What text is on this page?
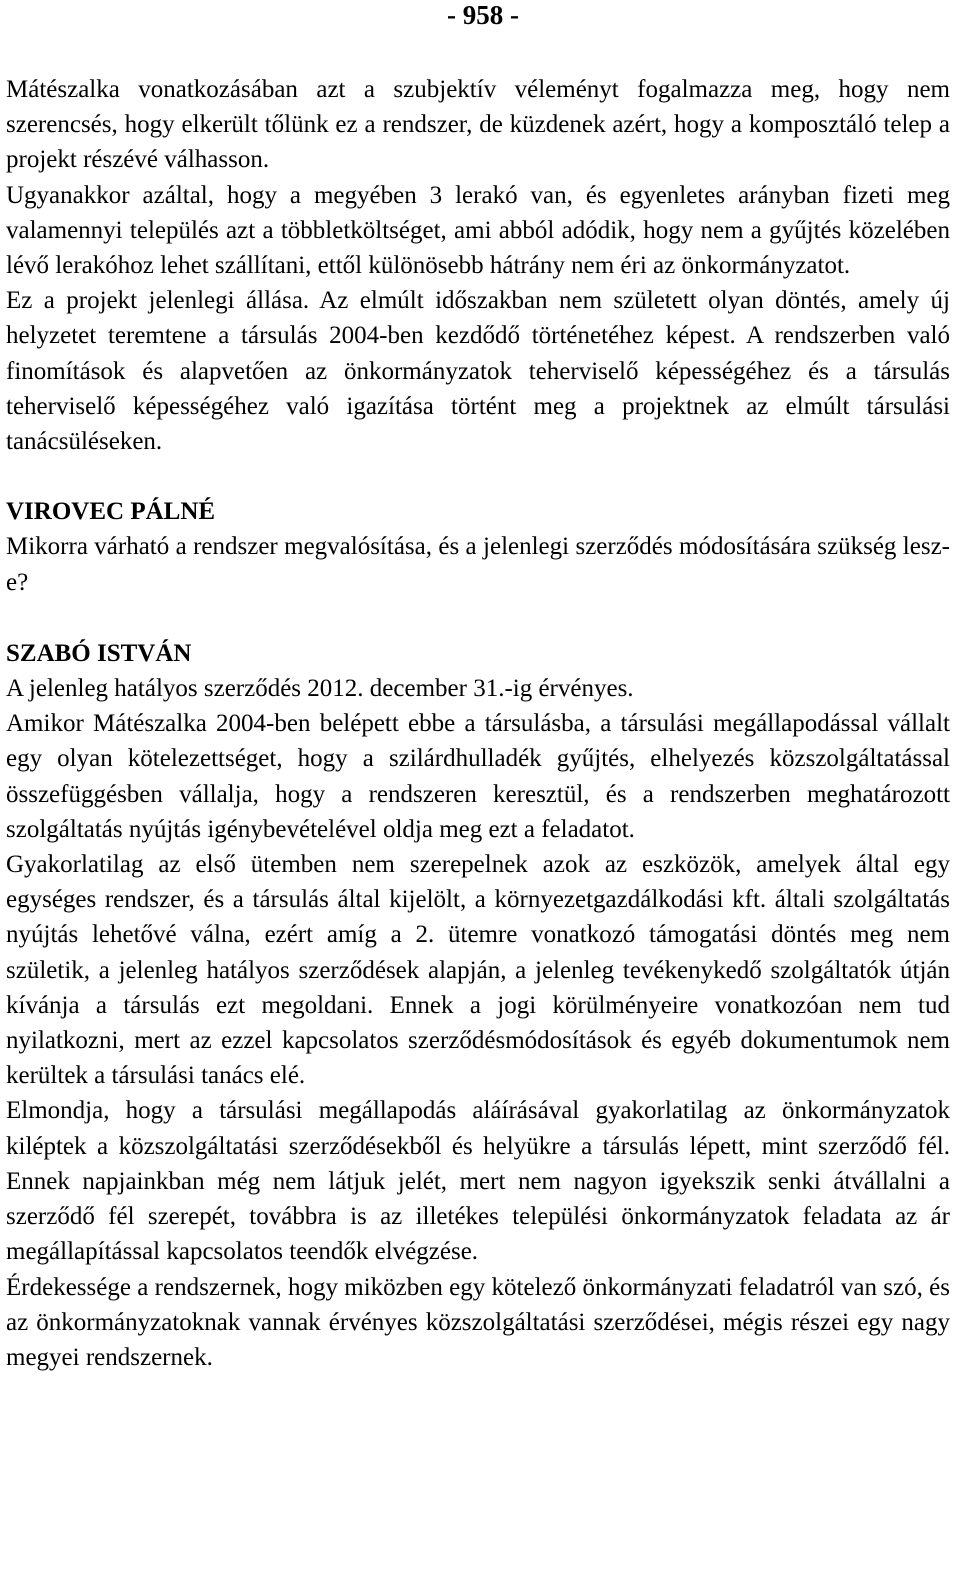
- 958 -

Mátészalka vonatkozásában azt a szubjektív véleményt fogalmazza meg, hogy nem szerencsés, hogy elkerült tőlünk ez a rendszer, de küzdenek azért, hogy a komposztáló telep a projekt részévé válhasson.

Ugyanakkor azáltal, hogy a megyében 3 lerakó van, és egyenletes arányban fizeti meg valamennyi település azt a többletköltséget, ami abból adódik, hogy nem a gyűjtés közelében lévő lerakóhoz lehet szállítani, ettől különösebb hátrány nem éri az önkormányzatot.

Ez a projekt jelenlegi állása. Az elmúlt időszakban nem született olyan döntés, amely új helyzetet teremtene a társulás 2004-ben kezdődő történetéhez képest. A rendszerben való finomítások és alapvetően az önkormányzatok teherviselő képességéhez és a társulás teherviselő képességéhez való igazítása történt meg a projektnek az elmúlt társulási tanácsüléseken.

VIROVEC PÁLNÉ

Mikorra várható a rendszer megvalósítása, és a jelenlegi szerződés módosítására szükség lesz-e?

SZABÓ ISTVÁN

A jelenleg hatályos szerződés 2012. december 31.-ig érvényes.

Amikor Mátészalka 2004-ben belépett ebbe a társulásba, a társulási megállapodással vállalt egy olyan kötelezettséget, hogy a szilárdhulladék gyűjtés, elhelyezés közszolgáltatással összefüggésben vállalja, hogy a rendszeren keresztül, és a rendszerben meghatározott szolgáltatás nyújtás igénybevételével oldja meg ezt a feladatot.

Gyakorlatilag az első ütemben nem szerepelnek azok az eszközök, amelyek által egy egységes rendszer, és a társulás által kijelölt, a környezetgazdálkodási kft. általi szolgáltatás nyújtás lehetővé válna, ezért amíg a 2. ütemre vonatkozó támogatási döntés meg nem születik, a jelenleg hatályos szerződések alapján, a jelenleg tevékenykedő szolgáltatók útján kívánja a társulás ezt megoldani. Ennek a jogi körülményeire vonatkozóan nem tud nyilatkozni, mert az ezzel kapcsolatos szerződésmódosítások és egyéb dokumentumok nem kerültek a társulási tanács elé.

Elmondja, hogy a társulási megállapodás aláírásával gyakorlatilag az önkormányzatok kiléptek a közszolgáltatási szerződésekből és helyükre a társulás lépett, mint szerződő fél. Ennek napjainkban még nem látjuk jelét, mert nem nagyon igyekszik senki átvállalni a szerződő fél szerepét, továbbra is az illetékes települési önkormányzatok feladata az ár megállapítással kapcsolatos teendők elvégzése.

Érdekessége a rendszernek, hogy miközben egy kötelező önkormányzati feladatról van szó, és az önkormányzatoknak vannak érvényes közszolgáltatási szerződései, mégis részei egy nagy megyei rendszernek.
